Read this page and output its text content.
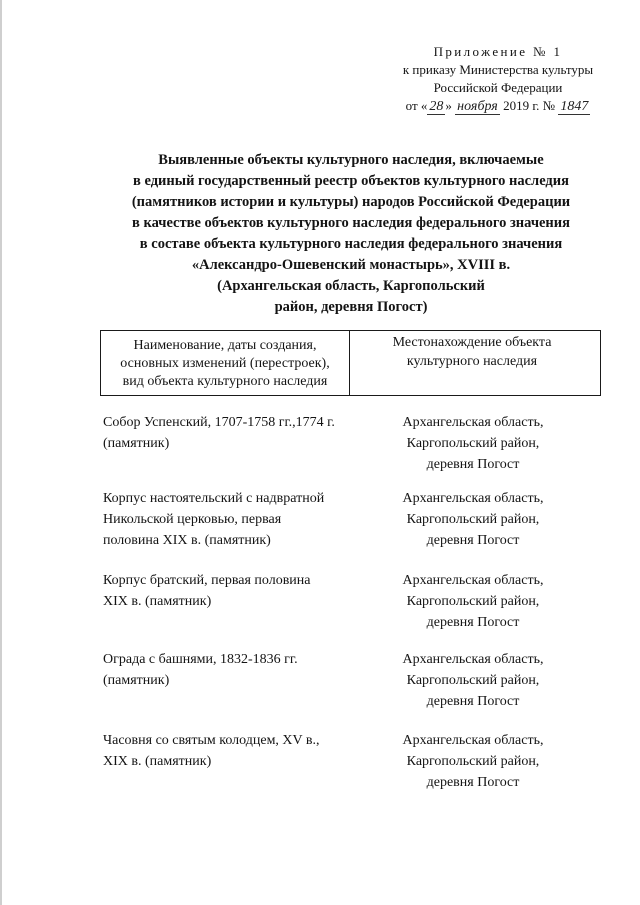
Приложение № 1
к приказу Министерства культуры
Российской Федерации
от « 28 » ноября 2019 г. № 1847
Выявленные объекты культурного наследия, включаемые
в единый государственный реестр объектов культурного наследия
(памятников истории и культуры) народов Российской Федерации
в качестве объектов культурного наследия федерального значения
в составе объекта культурного наследия федерального значения
«Александро-Ошевенский монастырь», XVIII в.
(Архангельская область, Каргопольский
район, деревня Погост)
Наименование, даты создания,
основных изменений (перестроек),
вид объекта культурного наследия
Местонахождение объекта
культурного наследия
Собор Успенский, 1707-1758 гг.,1774 г.
(памятник)
Архангельская область,
Каргопольский район,
деревня Погост
Корпус настоятельский с надвратной
Никольской церковью, первая
половина XIX в. (памятник)
Архангельская область,
Каргопольский район,
деревня Погост
Корпус братский, первая половина
XIX в. (памятник)
Архангельская область,
Каргопольский район,
деревня Погост
Ограда с башнями, 1832-1836 гг.
(памятник)
Архангельская область,
Каргопольский район,
деревня Погост
Часовня со святым колодцем, XV в.,
XIX в. (памятник)
Архангельская область,
Каргопольский район,
деревня Погост
